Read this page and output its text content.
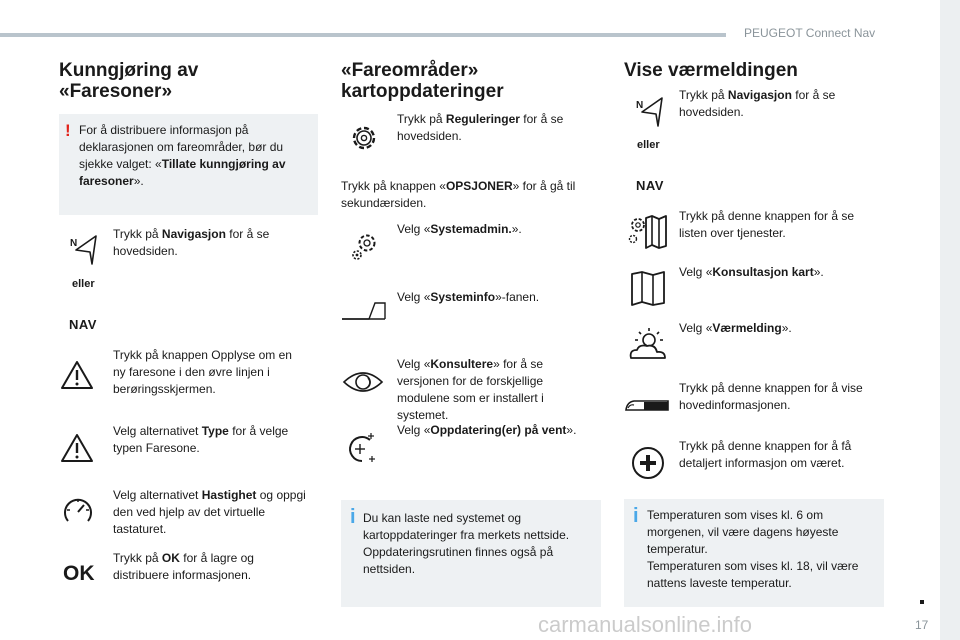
PEUGEOT Connect Nav
Kunngjøring av «Faresoner»
! For å distribuere informasjon på deklarasjonen om fareområder, bør du sjekke valget: «Tillate kunngjøring av faresoner».
N
eller
NAV
Trykk på Navigasjon for å se hovedsiden.
Trykk på knappen Opplyse om en ny faresone i den øvre linjen i berøringsskjermen.
Velg alternativet Type for å velge typen Faresone.
Velg alternativet Hastighet og oppgi den ved hjelp av det virtuelle tastaturet.
OK
Trykk på OK for å lagre og distribuere informasjonen.
«Fareområder» kartoppdateringer
Trykk på Reguleringer for å se hovedsiden.
Trykk på knappen «OPSJONER» for å gå til sekundærsiden.
Velg «Systemadmin.».
Velg «Systeminfo»-fanen.
Velg «Konsultere» for å se versjonen for de forskjellige modulene som er installert i systemet.
Velg «Oppdatering(er) på vent».
i Du kan laste ned systemet og kartoppdateringer fra merkets nettside. Oppdateringsrutinen finnes også på nettsiden.
Vise værmeldingen
N
eller
NAV
Trykk på Navigasjon for å se hovedsiden.
Trykk på denne knappen for å se listen over tjenester.
Velg «Konsultasjon kart».
Velg «Værmelding».
Trykk på denne knappen for å vise hovedinformasjonen.
Trykk på denne knappen for å få detaljert informasjon om været.
i Temperaturen som vises kl. 6 om morgenen, vil være dagens høyeste temperatur.
Temperaturen som vises kl. 18, vil være nattens laveste temperatur.
17
carmanualsonline.info
